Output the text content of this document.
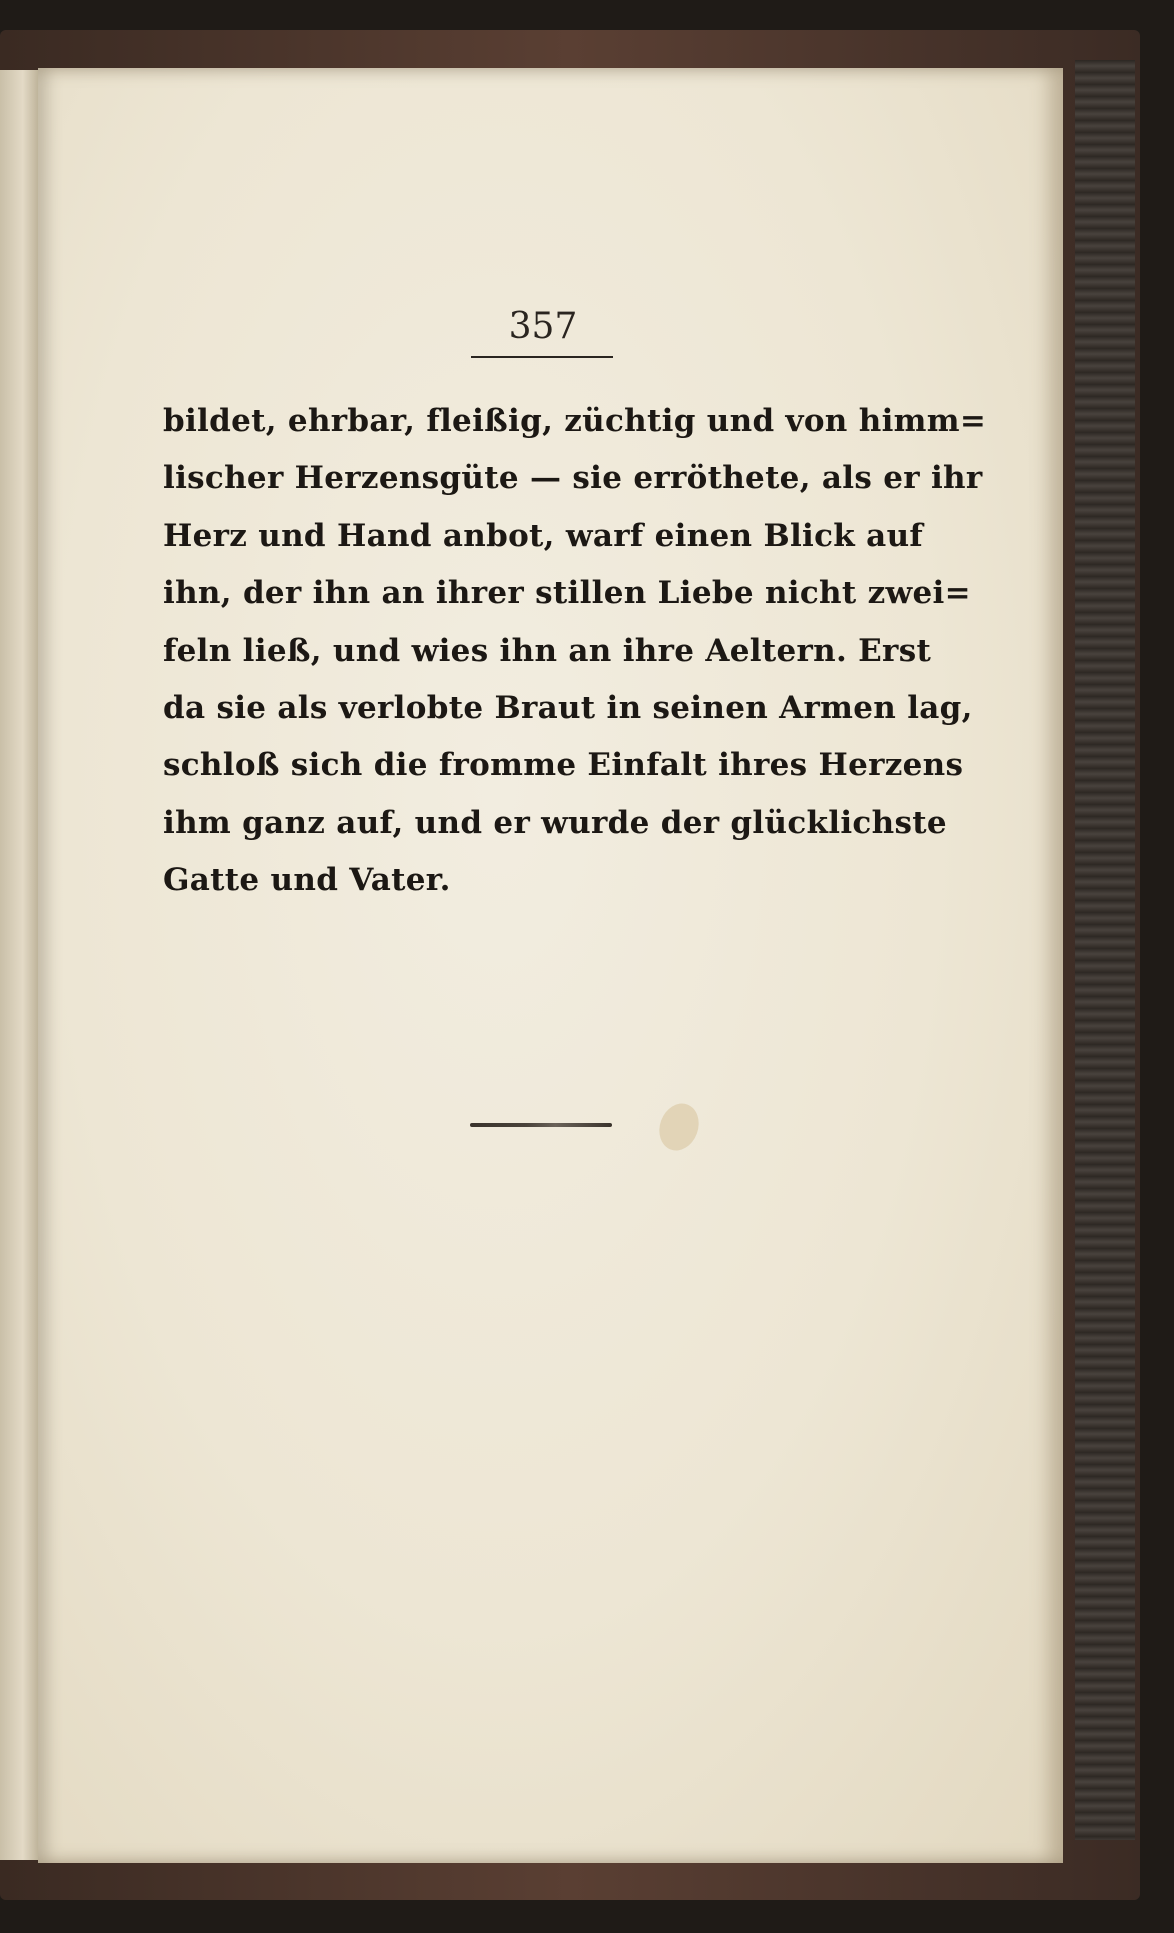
357
bildet, ehrbar, fleißig, züchtig und von himm=
lischer Herzensgüte — sie erröthete, als er ihr
Herz und Hand anbot, warf einen Blick auf
ihn, der ihn an ihrer stillen Liebe nicht zwei=
feln ließ, und wies ihn an ihre Aeltern. Erst
da sie als verlobte Braut in seinen Armen lag,
schloß sich die fromme Einfalt ihres Herzens
ihm ganz auf, und er wurde der glücklichste
Gatte und Vater.
